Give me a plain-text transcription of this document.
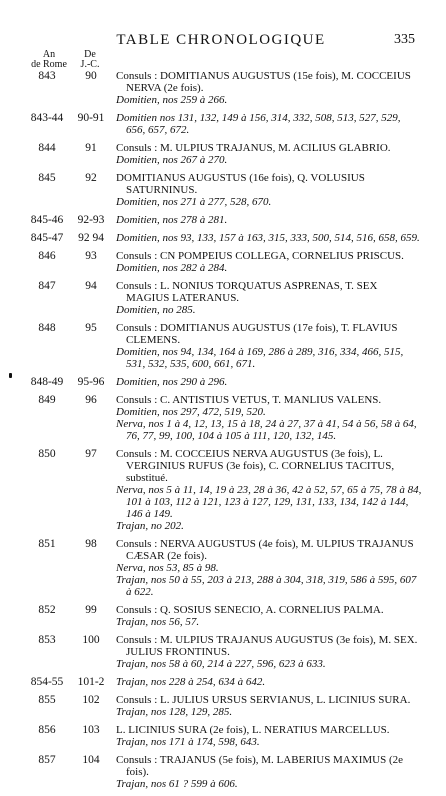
TABLE CHRONOLOGIQUE	335
An
de Rome
De
J.-C.
843	90	Consuls : DOMITIANUS AUGUSTUS (15e fois), M. COCCEIUS NERVA (2e fois).
Domitien, nos 259 à 266.
843-44	90-91	Domitien nos 131, 132, 149 à 156, 314, 332, 508, 513, 527, 529, 656, 657, 672.
844	91	Consuls : M. ULPIUS TRAJANUS, M. ACILIUS GLABRIO.
Domitien, nos 267 à 270.
845	92	DOMITIANUS AUGUSTUS (16e fois), Q. VOLUSIUS SATURNINUS.
Domitien, nos 271 à 277, 528, 670.
845-46	92-93	Domitien, nos 278 à 281.
845-47	92 94	Domitien, nos 93, 133, 157 à 163, 315, 333, 500, 514, 516, 658, 659.
846	93	Consuls : CN POMPEIUS COLLEGA, CORNELIUS PRISCUS.
Domitien, nos 282 à 284.
847	94	Consuls : L. NONIUS TORQUATUS ASPRENAS, T. SEX MAGIUS LATERANUS.
Domitien, no 285.
848	95	Consuls : DOMITIANUS AUGUSTUS (17e fois), T. FLAVIUS CLEMENS.
Domitien, nos 94, 134, 164 à 169, 286 à 289, 316, 334, 466, 515, 531, 532, 535, 600, 661, 671.
848-49	95-96	Domitien, nos 290 à 296.
849	96	Consuls : C. ANTISTIUS VETUS, T. MANLIUS VALENS.
Domitien, nos 297, 472, 519, 520.
Nerva, nos 1 à 4, 12, 13, 15 à 18, 24 à 27, 37 à 41, 54 à 56, 58 à 64, 76, 77, 99, 100, 104 à 105 à 111, 120, 132, 145.
850	97	Consuls : M. COCCEIUS NERVA AUGUSTUS (3e fois), L. VERGINIUS RUFUS (3e fois), C. CORNELIUS TACITUS, substitué.
Nerva, nos 5 à 11, 14, 19 à 23, 28 à 36, 42 à 52, 57, 65 à 75, 78 à 84, 101 à 103, 112 à 121, 123 à 127, 129, 131, 133, 134, 142 à 144, 146 à 149.
Trajan, no 202.
851	98	Consuls : NERVA AUGUSTUS (4e fois), M. ULPIUS TRAJANUS CÆSAR (2e fois).
Nerva, nos 53, 85 à 98.
Trajan, nos 50 à 55, 203 à 213, 288 à 304, 318, 319, 586 à 595, 607 à 622.
852	99	Consuls : Q. SOSIUS SENECIO, A. CORNELIUS PALMA.
Trajan, nos 56, 57.
853	100	Consuls : M. ULPIUS TRAJANUS AUGUSTUS (3e fois), M. SEX. JULIUS FRONTINUS.
Trajan, nos 58 à 60, 214 à 227, 596, 623 à 633.
854-55	101-2	Trajan, nos 228 à 254, 634 à 642.
855	102	Consuls : L. JULIUS URSUS SERVIANUS, L. LICINIUS SURA.
Trajan, nos 128, 129, 285.
856	103	L. LICINIUS SURA (2e fois), L. NERATIUS MARCELLUS.
Trajan, nos 171 à 174, 598, 643.
857	104	Consuls : TRAJANUS (5e fois), M. LABERIUS MAXIMUS (2e fois).
Trajan, nos 61 ? 599 à 606.
